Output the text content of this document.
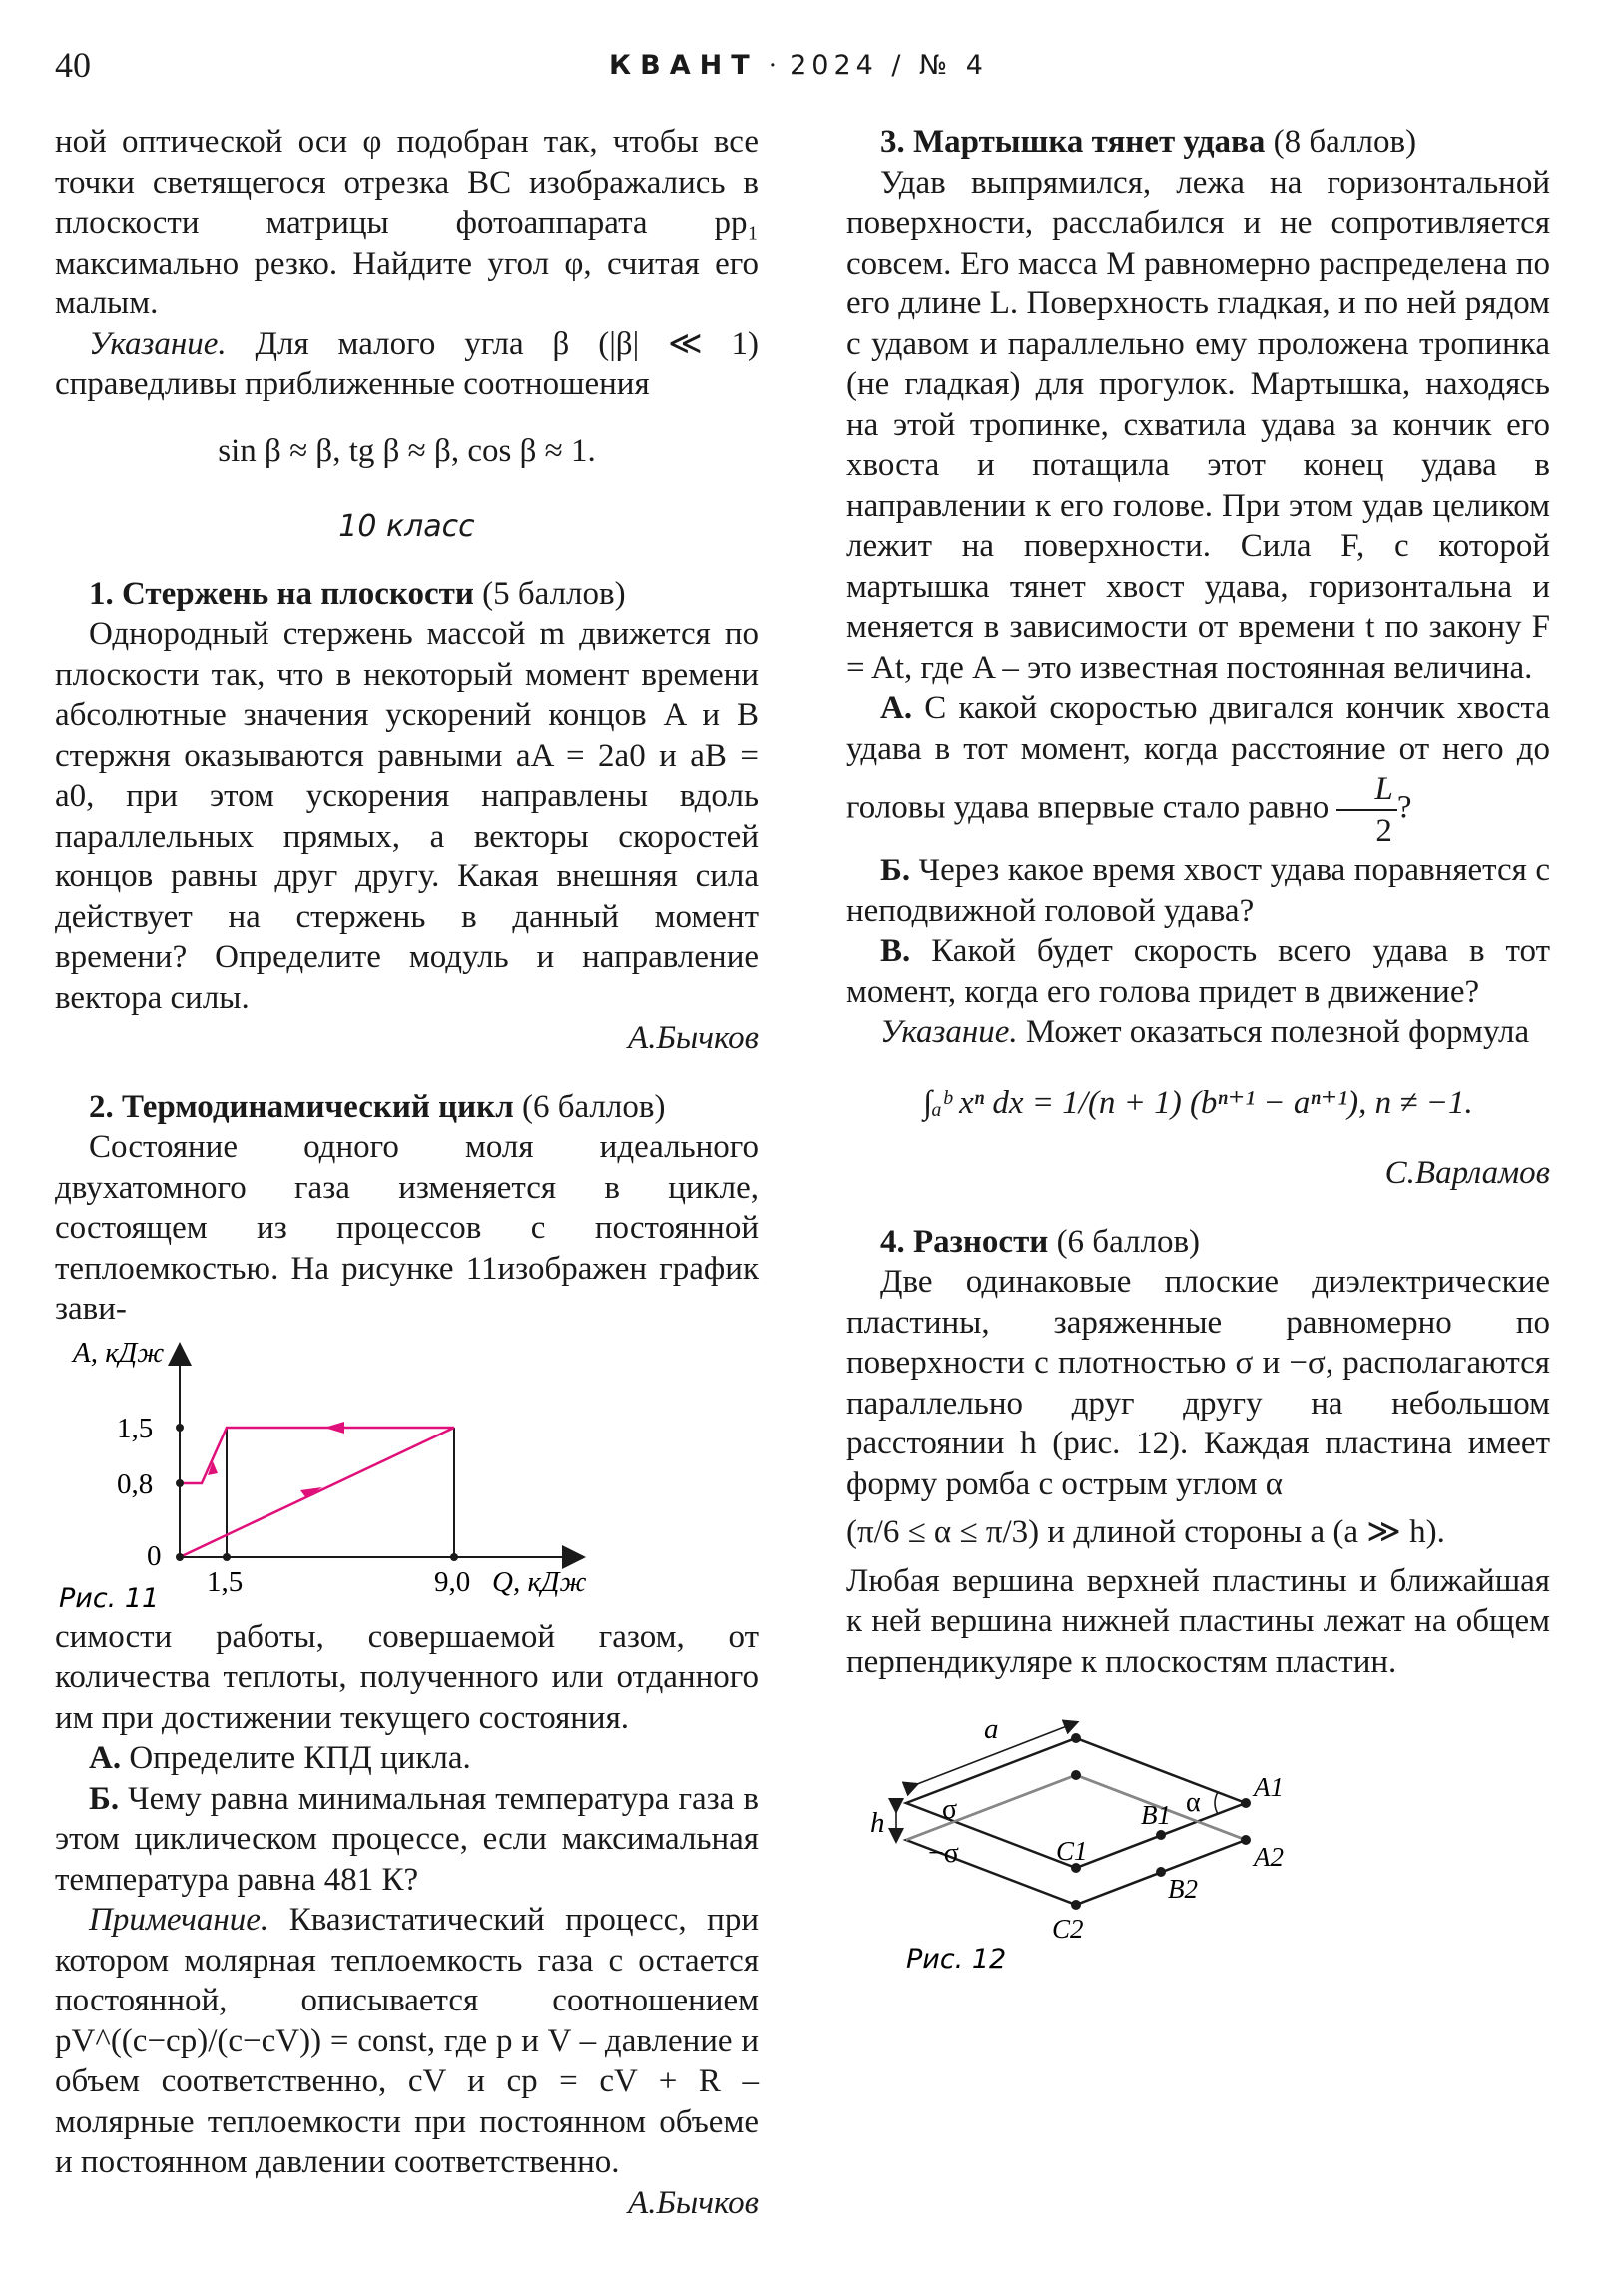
40	КВАНТ · 2024 / № 4

ной оптической оси φ подобран так, чтобы все точки светящегося отрезка BC изображались в плоскости матрицы фотоаппарата pp₁ максимально резко. Найдите угол φ, считая его малым.

Указание. Для малого угла β (|β| ≪ 1) справедливы приближенные соотношения

sin β ≈ β, tg β ≈ β, cos β ≈ 1.

10 класс

1. Стержень на плоскости (5 баллов)

Однородный стержень массой m движется по плоскости так, что в некоторый момент времени абсолютные значения ускорений концов A и B стержня оказываются равными aA = 2a0 и aB = a0, при этом ускорения направлены вдоль параллельных прямых, а векторы скоростей концов равны друг другу. Какая внешняя сила действует на стержень в данный момент времени? Определите модуль и направление вектора силы.

А.Бычков

2. Термодинамический цикл (6 баллов)

Состояние одного моля идеального двухатомного газа изменяется в цикле, состоящем из процессов с постоянной теплоемкостью. На рисунке 11изображен график зави-

A, кДж
1,5
0,8
0
1,5	9,0 Q, кДж
Рис. 11

симости работы, совершаемой газом, от количества теплоты, полученного или отданного им при достижении текущего состояния.

А. Определите КПД цикла.

Б. Чему равна минимальная температура газа в этом циклическом процессе, если максимальная температура равна 481 К?

Примечание. Квазистатический процесс, при котором молярная теплоемкость газа c остается постоянной, описывается соотношением pV^((c−cp)/(c−cV)) = const, где p и V – давление и объем соответственно, cV и cp = cV + R – молярные теплоемкости при постоянном объеме и постоянном давлении соответственно.

А.Бычков

3. Мартышка тянет удава (8 баллов)

Удав выпрямился, лежа на горизонтальной поверхности, расслабился и не сопротивляется совсем. Его масса M равномерно распределена по его длине L. Поверхность гладкая, и по ней рядом с удавом и параллельно ему проложена тропинка (не гладкая) для прогулок. Мартышка, находясь на этой тропинке, схватила удава за кончик его хвоста и потащила этот конец удава в направлении к его голове. При этом удав целиком лежит на поверхности. Сила F, с которой мартышка тянет хвост удава, горизонтальна и меняется в зависимости от времени t по закону F = At, где A – это известная постоянная величина.

А. С какой скоростью двигался кончик хвоста удава в тот момент, когда расстояние от него до головы удава впервые стало равно $\frac{L}{2}$ ?

Б. Через какое время хвост удава поравняется с неподвижной головой удава?

В. Какой будет скорость всего удава в тот момент, когда его голова придет в движение?

Указание. Может оказаться полезной формула

∫ₐᵇ xⁿ dx = 1/(n + 1) (bⁿ⁺¹ − aⁿ⁺¹), n ≠ −1.

С.Варламов

4. Разности (6 баллов)

Две одинаковые плоские диэлектрические пластины, заряженные равномерно по поверхности с плотностью σ и −σ, располагаются параллельно друг другу на небольшом расстоянии h (рис. 12). Каждая пластина имеет форму ромба с острым углом α

(π/6 ≤ α ≤ π/3) и длиной стороны a (a ≫ h).

Любая вершина верхней пластины и ближайшая к ней вершина нижней пластины лежат на общем перпендикуляре к плоскостям пластин.

a
h σ
−σ
α A1
A2
B1
B2
C1
C2
Рис. 12
